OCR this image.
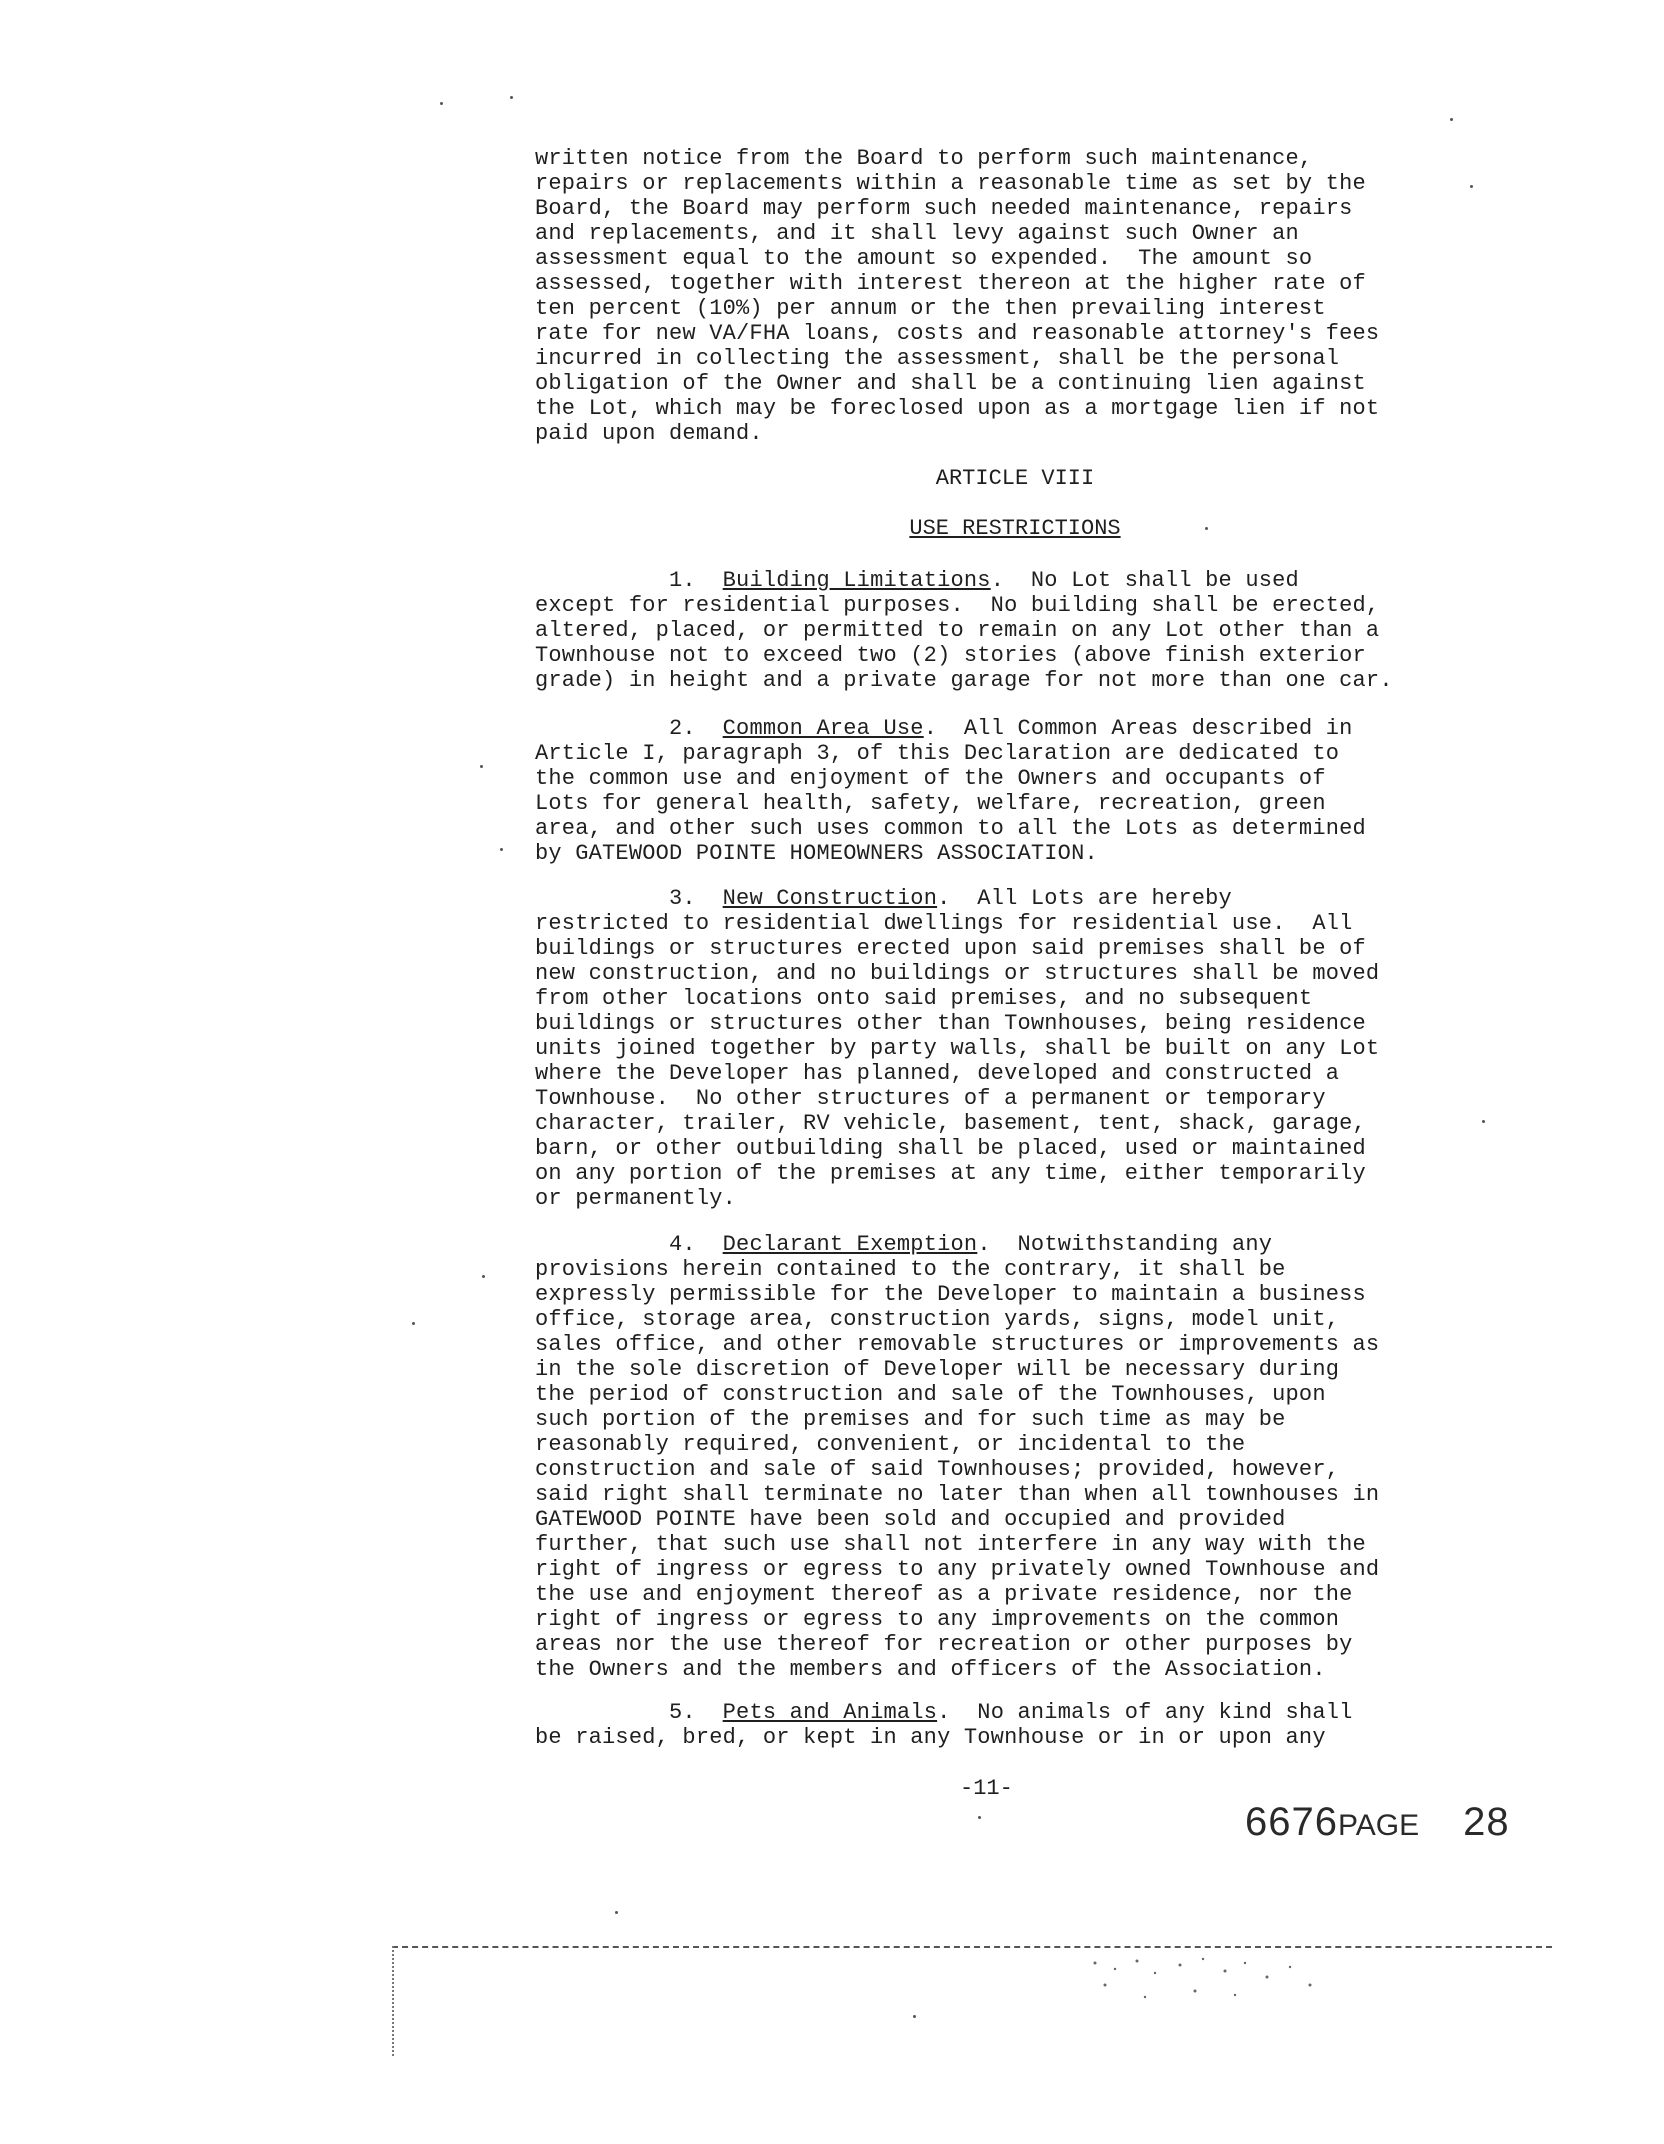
written notice from the Board to perform such maintenance,
repairs or replacements within a reasonable time as set by the
Board, the Board may perform such needed maintenance, repairs
and replacements, and it shall levy against such Owner an
assessment equal to the amount so expended.  The amount so
assessed, together with interest thereon at the higher rate of
ten percent (10%) per annum or the then prevailing interest
rate for new VA/FHA loans, costs and reasonable attorney's fees
incurred in collecting the assessment, shall be the personal
obligation of the Owner and shall be a continuing lien against
the Lot, which may be foreclosed upon as a mortgage lien if not
paid upon demand.
ARTICLE VIII
USE RESTRICTIONS
1. Building Limitations.  No Lot shall be used
except for residential purposes.  No building shall be erected,
altered, placed, or permitted to remain on any Lot other than a
Townhouse not to exceed two (2) stories (above finish exterior
grade) in height and a private garage for not more than one car.
2. Common Area Use.  All Common Areas described in
Article I, paragraph 3, of this Declaration are dedicated to
the common use and enjoyment of the Owners and occupants of
Lots for general health, safety, welfare, recreation, green
area, and other such uses common to all the Lots as determined
by GATEWOOD POINTE HOMEOWNERS ASSOCIATION.
3. New Construction.  All Lots are hereby
restricted to residential dwellings for residential use.  All
buildings or structures erected upon said premises shall be of
new construction, and no buildings or structures shall be moved
from other locations onto said premises, and no subsequent
buildings or structures other than Townhouses, being residence
units joined together by party walls, shall be built on any Lot
where the Developer has planned, developed and constructed a
Townhouse.  No other structures of a permanent or temporary
character, trailer, RV vehicle, basement, tent, shack, garage,
barn, or other outbuilding shall be placed, used or maintained
on any portion of the premises at any time, either temporarily
or permanently.
4. Declarant Exemption.  Notwithstanding any
provisions herein contained to the contrary, it shall be
expressly permissible for the Developer to maintain a business
office, storage area, construction yards, signs, model unit,
sales office, and other removable structures or improvements as
in the sole discretion of Developer will be necessary during
the period of construction and sale of the Townhouses, upon
such portion of the premises and for such time as may be
reasonably required, convenient, or incidental to the
construction and sale of said Townhouses; provided, however,
said right shall terminate no later than when all townhouses in
GATEWOOD POINTE have been sold and occupied and provided
further, that such use shall not interfere in any way with the
right of ingress or egress to any privately owned Townhouse and
the use and enjoyment thereof as a private residence, nor the
right of ingress or egress to any improvements on the common
areas nor the use thereof for recreation or other purposes by
the Owners and the members and officers of the Association.
5. Pets and Animals.  No animals of any kind shall
be raised, bred, or kept in any Townhouse or in or upon any
-11-
6676PAGE 28
